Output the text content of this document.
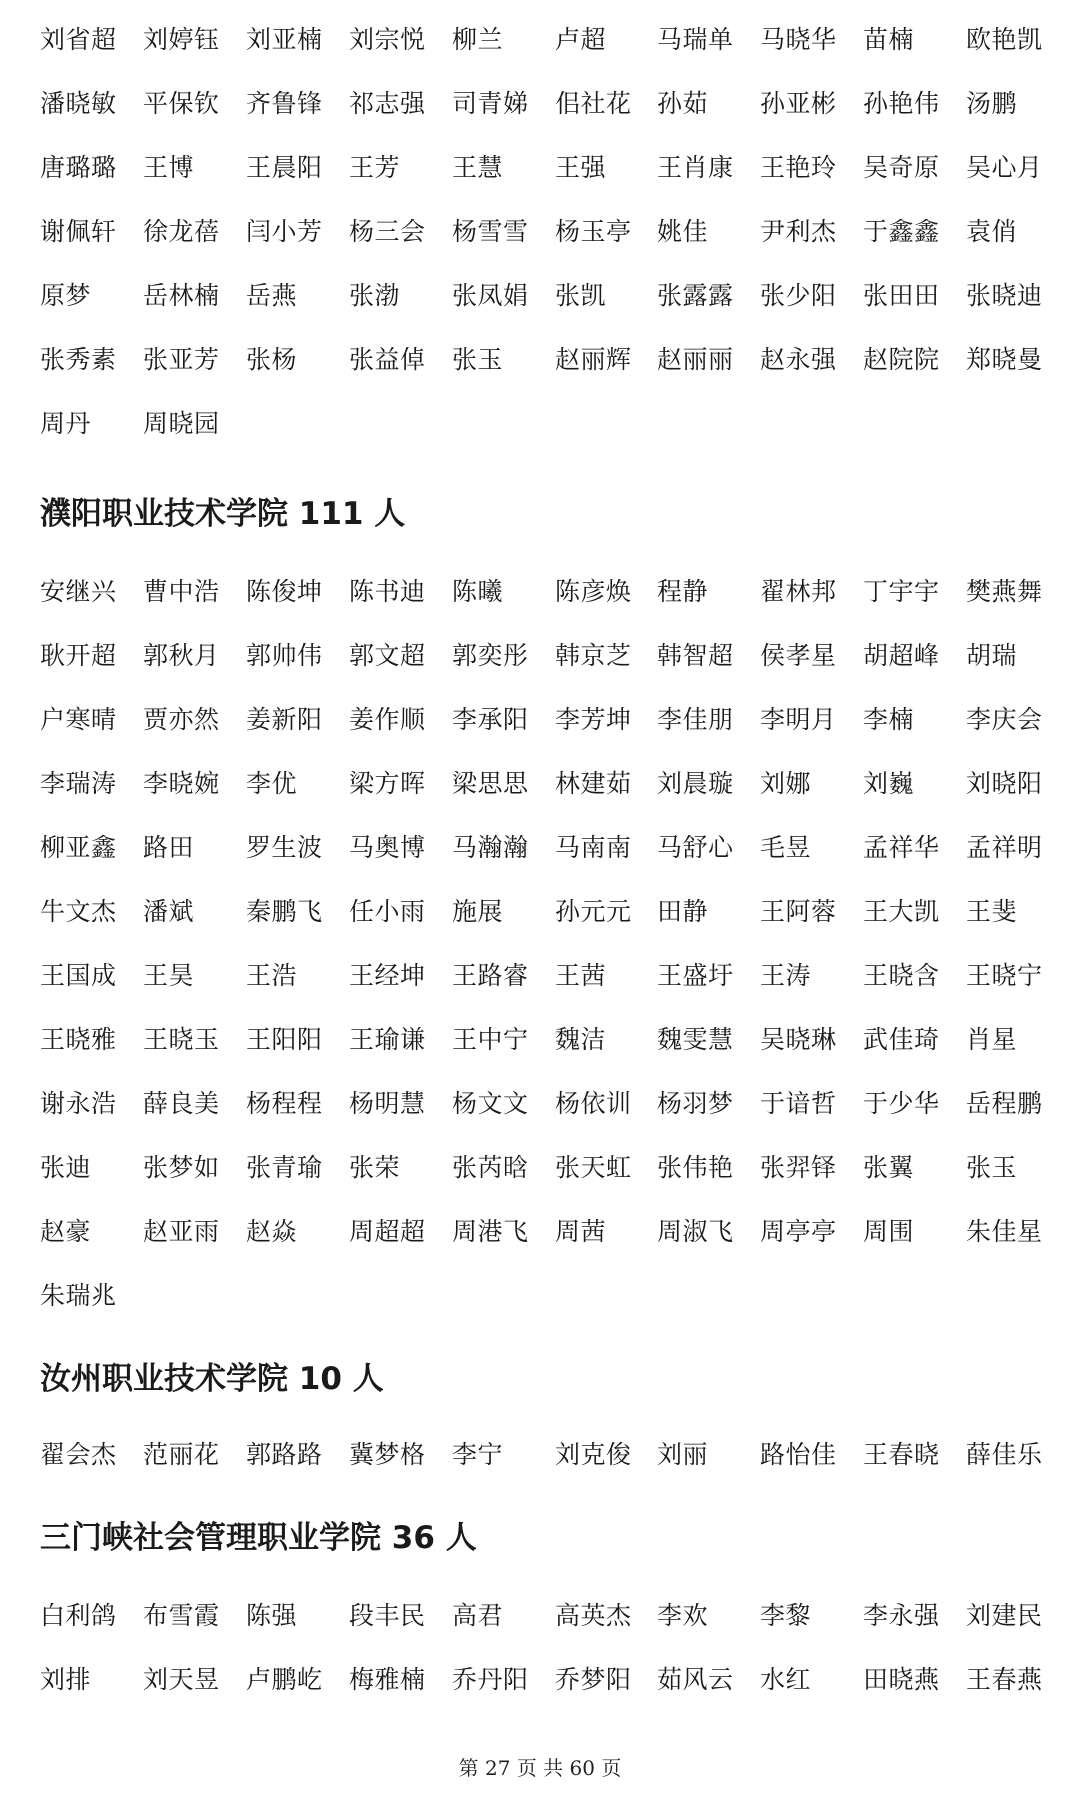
刘省超 刘婷钰 刘亚楠 刘宗悦 柳兰 卢超 马瑞单 马晓华 苗楠 欧艳凯
潘晓敏 平保钦 齐鲁锋 祁志强 司青娣 佀社花 孙茹 孙亚彬 孙艳伟 汤鹏
唐璐璐 王博 王晨阳 王芳 王慧 王强 王肖康 王艳玲 吴奇原 吴心月
谢佩轩 徐龙蓓 闫小芳 杨三会 杨雪雪 杨玉亭 姚佳 尹利杰 于鑫鑫 袁俏
原梦 岳林楠 岳燕 张渤 张凤娟 张凯 张露露 张少阳 张田田 张晓迪
张秀素 张亚芳 张杨 张益倬 张玉 赵丽辉 赵丽丽 赵永强 赵院院 郑晓曼
周丹 周晓园
濮阳职业技术学院 111 人
安继兴 曹中浩 陈俊坤 陈书迪 陈曦 陈彦焕 程静 翟林邦 丁宇宇 樊燕舞
耿开超 郭秋月 郭帅伟 郭文超 郭奕彤 韩京芝 韩智超 侯孝星 胡超峰 胡瑞
户寒晴 贾亦然 姜新阳 姜作顺 李承阳 李芳坤 李佳朋 李明月 李楠 李庆会
李瑞涛 李晓婉 李优 梁方晖 梁思思 林建茹 刘晨璇 刘娜 刘巍 刘晓阳
柳亚鑫 路田 罗生波 马奥博 马瀚瀚 马南南 马舒心 毛昱 孟祥华 孟祥明
牛文杰 潘斌 秦鹏飞 任小雨 施展 孙元元 田静 王阿蓉 王大凯 王斐
王国成 王昊 王浩 王经坤 王路睿 王茜 王盛圩 王涛 王晓含 王晓宁
王晓雅 王晓玉 王阳阳 王瑜谦 王中宁 魏洁 魏雯慧 吴晓琳 武佳琦 肖星
谢永浩 薛良美 杨程程 杨明慧 杨文文 杨依训 杨羽梦 于谙哲 于少华 岳程鹏
张迪 张梦如 张青瑜 张荣 张芮晗 张天虹 张伟艳 张羿铎 张翼 张玉
赵豪 赵亚雨 赵焱 周超超 周港飞 周茜 周淑飞 周亭亭 周围 朱佳星
朱瑞兆
汝州职业技术学院 10 人
翟会杰 范丽花 郭路路 冀梦格 李宁 刘克俊 刘丽 路怡佳 王春晓 薛佳乐
三门峡社会管理职业学院 36 人
白利鸽 布雪霞 陈强 段丰民 高君 高英杰 李欢 李黎 李永强 刘建民
刘排 刘天昱 卢鹏屹 梅雅楠 乔丹阳 乔梦阳 茹风云 水红 田晓燕 王春燕
第 27 页 共 60 页
